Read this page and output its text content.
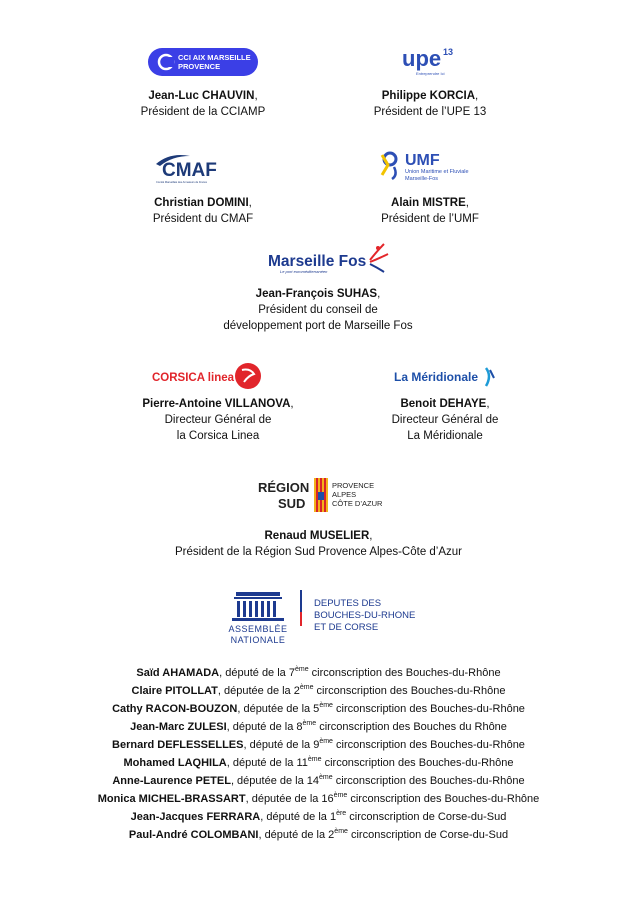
CCI AIX MARSEILLE
PROVENCE
Jean-Luc CHAUVIN,
Président de la CCIAMP
upe 13
Entreprendre Ici
Philippe KORCIA,
Président de l’UPE 13
CMAF
Comité Marseillais des Armateurs de France
Christian DOMINI,
Président du CMAF
UMF
Union Maritime et Fluviale
Marseille-Fos
Alain MISTRE,
Président de l’UMF
Marseille Fos
Le port euroméditerranéen
Jean-François SUHAS,
Président du conseil de
développement port de Marseille Fos
CORSICA linea
Pierre-Antoine VILLANOVA,
Directeur Général de
la Corsica Linea
La Méridionale
Benoit DEHAYE,
Directeur Général de
La Méridionale
RÉGION
SUD
PROVENCE
ALPES
CÔTE D’AZUR
Renaud MUSELIER,
Président de la Région Sud Provence Alpes-Côte d’Azur
ASSEMBLÉE
NATIONALE
DEPUTES DES
BOUCHES-DU-RHONE
ET DE CORSE
Saïd AHAMADA, député de la 7ème circonscription des Bouches-du-Rhône
Claire PITOLLAT, députée de la 2ème circonscription des Bouches-du-Rhône
Cathy RACON-BOUZON, députée de la 5ème circonscription des Bouches-du-Rhône
Jean-Marc ZULESI, député de la 8ème circonscription des Bouches du Rhône
Bernard DEFLESSELLES, député de la 9ème circonscription des Bouches-du-Rhône
Mohamed LAQHILA, député de la 11ème circonscription des Bouches-du-Rhône
Anne-Laurence PETEL, députée de la 14ème circonscription des Bouches-du-Rhône
Monica MICHEL-BRASSART, députée de la 16ème circonscription des Bouches-du-Rhône
Jean-Jacques FERRARA, député de la 1ère circonscription de Corse-du-Sud
Paul-André COLOMBANI, député de la 2ème circonscription de Corse-du-Sud
